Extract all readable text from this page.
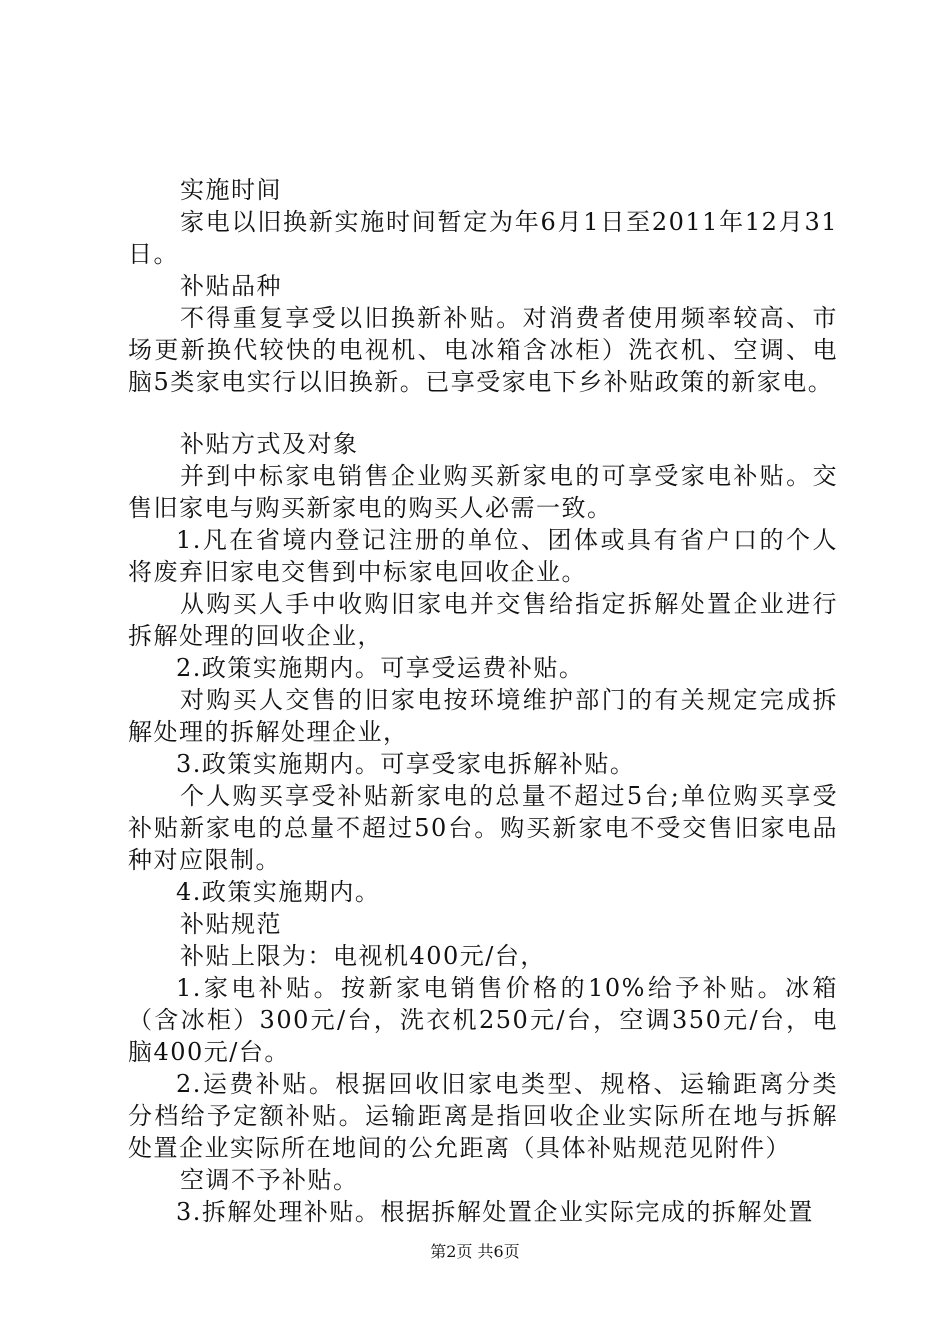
实施时间

家电以旧换新实施时间暂定为年6月1日至2011年12月31日。

补贴品种

不得重复享受以旧换新补贴。对消费者使用频率较高、市场更新换代较快的电视机、电冰箱含冰柜）洗衣机、空调、电脑5类家电实行以旧换新。已享受家电下乡补贴政策的新家电。

补贴方式及对象

并到中标家电销售企业购买新家电的可享受家电补贴。交售旧家电与购买新家电的购买人必需一致。

1.凡在省境内登记注册的单位、团体或具有省户口的个人将废弃旧家电交售到中标家电回收企业。

从购买人手中收购旧家电并交售给指定拆解处置企业进行拆解处理的回收企业，

2.政策实施期内。可享受运费补贴。

对购买人交售的旧家电按环境维护部门的有关规定完成拆解处理的拆解处理企业，

3.政策实施期内。可享受家电拆解补贴。

个人购买享受补贴新家电的总量不超过5台;单位购买享受补贴新家电的总量不超过50台。购买新家电不受交售旧家电品种对应限制。

4.政策实施期内。

补贴规范

补贴上限为：电视机400元/台，

1.家电补贴。按新家电销售价格的10%给予补贴。冰箱（含冰柜）300元/台，洗衣机250元/台，空调350元/台，电脑400元/台。

2.运费补贴。根据回收旧家电类型、规格、运输距离分类分档给予定额补贴。运输距离是指回收企业实际所在地与拆解处置企业实际所在地间的公允距离（具体补贴规范见附件）

空调不予补贴。

3.拆解处理补贴。根据拆解处置企业实际完成的拆解处置

第2页 共6页
